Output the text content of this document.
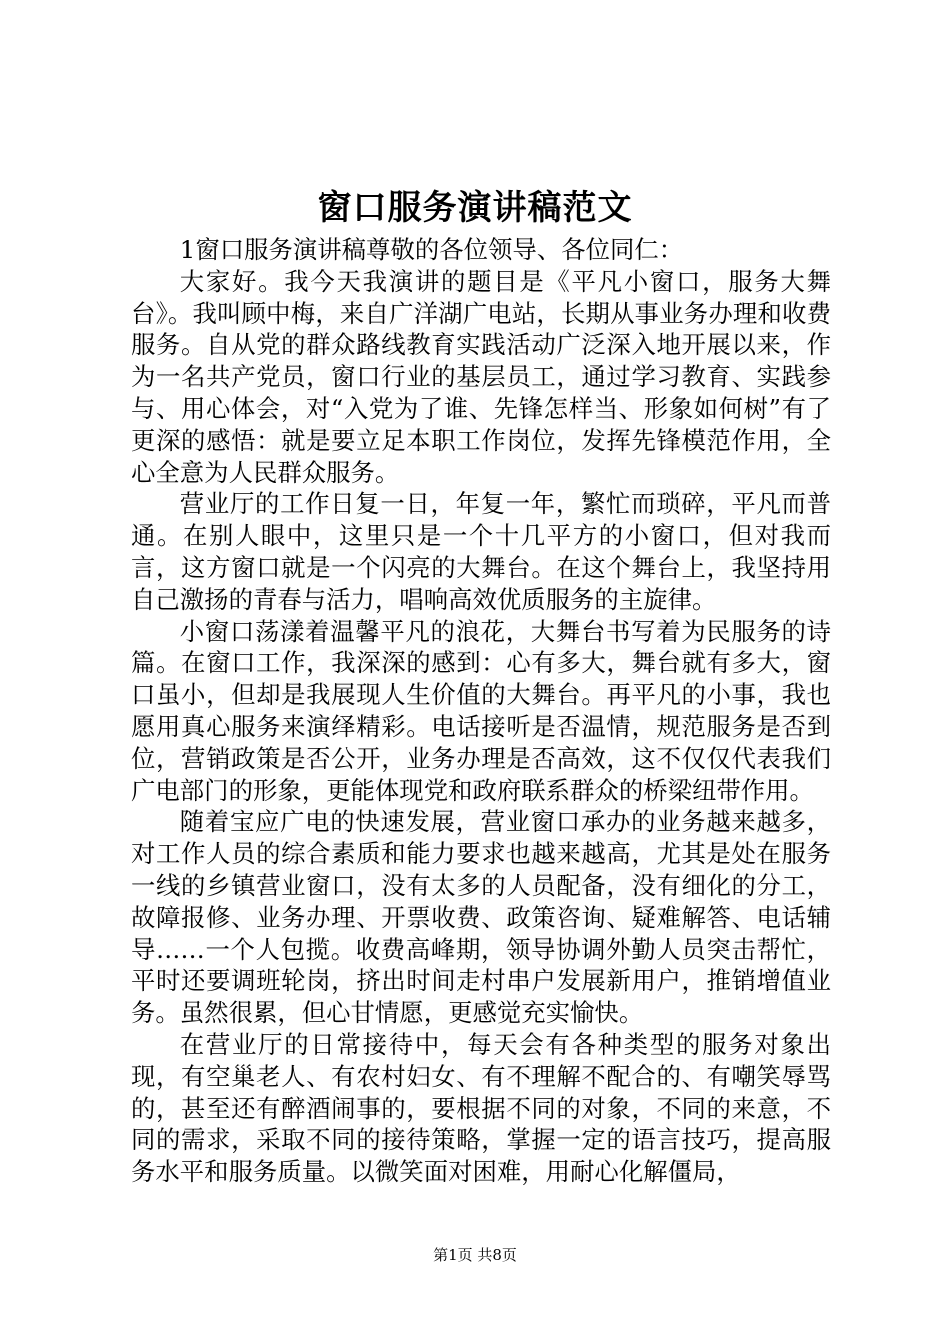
窗口服务演讲稿范文

1窗口服务演讲稿尊敬的各位领导、各位同仁：

大家好。我今天我演讲的题目是《平凡小窗口，服务大舞台》。我叫顾中梅，来自广洋湖广电站，长期从事业务办理和收费服务。自从党的群众路线教育实践活动广泛深入地开展以来，作为一名共产党员，窗口行业的基层员工，通过学习教育、实践参与、用心体会，对“入党为了谁、先锋怎样当、形象如何树”有了更深的感悟：就是要立足本职工作岗位，发挥先锋模范作用，全心全意为人民群众服务。

营业厅的工作日复一日，年复一年，繁忙而琐碎，平凡而普通。在别人眼中，这里只是一个十几平方的小窗口，但对我而言，这方窗口就是一个闪亮的大舞台。在这个舞台上，我坚持用自己激扬的青春与活力，唱响高效优质服务的主旋律。

小窗口荡漾着温馨平凡的浪花，大舞台书写着为民服务的诗篇。在窗口工作，我深深的感到：心有多大，舞台就有多大，窗口虽小，但却是我展现人生价值的大舞台。再平凡的小事，我也愿用真心服务来演绎精彩。电话接听是否温情，规范服务是否到位，营销政策是否公开，业务办理是否高效，这不仅仅代表我们广电部门的形象，更能体现党和政府联系群众的桥梁纽带作用。

随着宝应广电的快速发展，营业窗口承办的业务越来越多，对工作人员的综合素质和能力要求也越来越高，尤其是处在服务一线的乡镇营业窗口，没有太多的人员配备，没有细化的分工，故障报修、业务办理、开票收费、政策咨询、疑难解答、电话辅导……一个人包揽。收费高峰期，领导协调外勤人员突击帮忙，平时还要调班轮岗，挤出时间走村串户发展新用户，推销增值业务。虽然很累，但心甘情愿，更感觉充实愉快。

在营业厅的日常接待中，每天会有各种类型的服务对象出现，有空巢老人、有农村妇女、有不理解不配合的、有嘲笑辱骂的，甚至还有醉酒闹事的，要根据不同的对象，不同的来意，不同的需求，采取不同的接待策略，掌握一定的语言技巧，提高服务水平和服务质量。以微笑面对困难，用耐心化解僵局，

第1页 共8页
